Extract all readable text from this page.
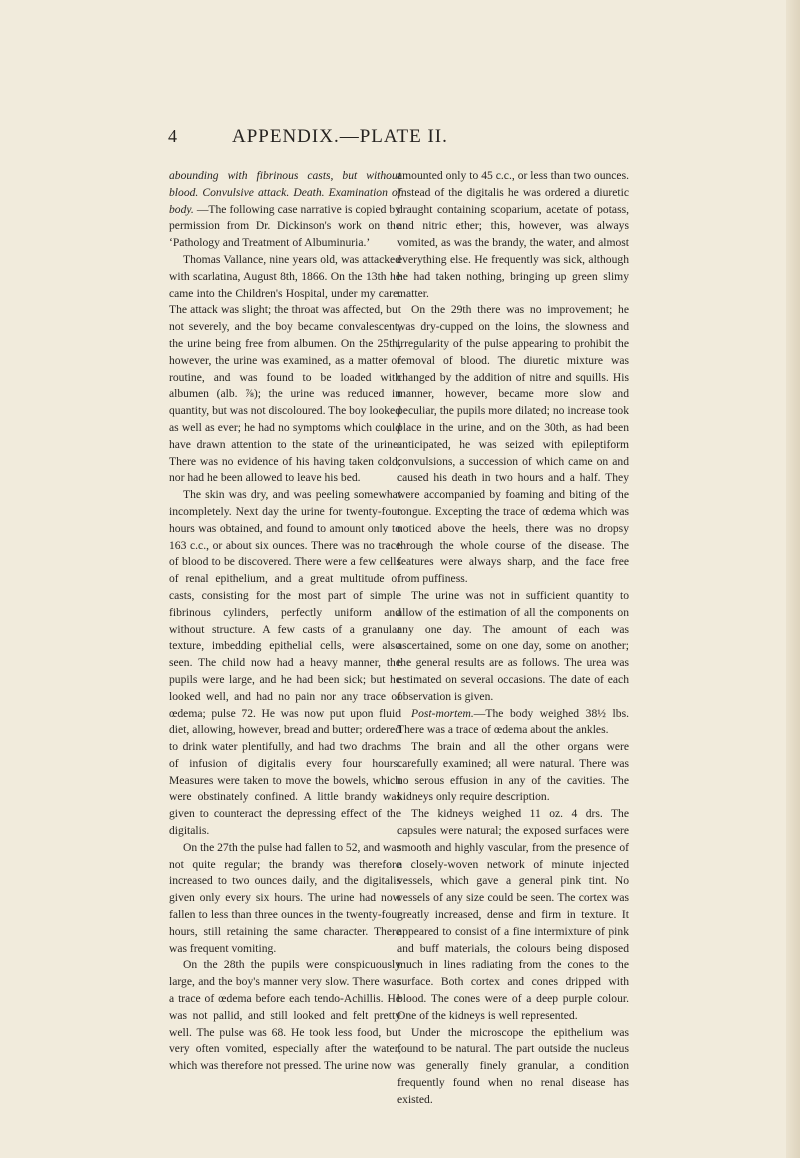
4	APPENDIX.—PLATE II.

abounding with fibrinous casts, but without blood. Convulsive attack. Death. Examination of body. —The following case narrative is copied by permission from Dr. Dickinson's work on the ‘Pathology and Treatment of Albuminuria.’

Thomas Vallance, nine years old, was attacked with scarlatina, August 8th, 1866. On the 13th he came into the Children's Hospital, under my care. The attack was slight; the throat was affected, but not severely, and the boy became convalescent, the urine being free from albumen. On the 25th, however, the urine was examined, as a matter of routine, and was found to be loaded with albumen (alb. ⅞); the urine was reduced in quantity, but was not discoloured. The boy looked as well as ever; he had no symptoms which could have drawn attention to the state of the urine. There was no evidence of his having taken cold; nor had he been allowed to leave his bed.

The skin was dry, and was peeling somewhat incompletely. Next day the urine for twenty-four hours was obtained, and found to amount only to 163 c.c., or about six ounces. There was no trace of blood to be discovered. There were a few cells of renal epithelium, and a great multitude of casts, consisting for the most part of simple fibrinous cylinders, perfectly uniform and without structure. A few casts of a granular texture, imbedding epithelial cells, were also seen. The child now had a heavy manner, the pupils were large, and he had been sick; but he looked well, and had no pain nor any trace of œdema; pulse 72. He was now put upon fluid diet, allowing, however, bread and butter; ordered to drink water plentifully, and had two drachms of infusion of digitalis every four hours. Measures were taken to move the bowels, which were obstinately confined. A little brandy was given to counteract the depressing effect of the digitalis.

On the 27th the pulse had fallen to 52, and was not quite regular; the brandy was therefore increased to two ounces daily, and the digitalis given only every six hours. The urine had now fallen to less than three ounces in the twenty-four hours, still retaining the same character. There was frequent vomiting.

On the 28th the pupils were conspicuously large, and the boy's manner very slow. There was a trace of œdema before each tendo-Achillis. He was not pallid, and still looked and felt pretty well. The pulse was 68. He took less food, but very often vomited, especially after the water, which was therefore not pressed. The urine now

amounted only to 45 c.c., or less than two ounces. Instead of the digitalis he was ordered a diuretic draught containing scoparium, acetate of potass, and nitric ether; this, however, was always vomited, as was the brandy, the water, and almost everything else. He frequently was sick, although he had taken nothing, bringing up green slimy matter.

On the 29th there was no improvement; he was dry-cupped on the loins, the slowness and irregularity of the pulse appearing to prohibit the removal of blood. The diuretic mixture was changed by the addition of nitre and squills. His manner, however, became more slow and peculiar, the pupils more dilated; no increase took place in the urine, and on the 30th, as had been anticipated, he was seized with epileptiform convulsions, a succession of which came on and caused his death in two hours and a half. They were accompanied by foaming and biting of the tongue. Excepting the trace of œdema which was noticed above the heels, there was no dropsy through the whole course of the disease. The features were always sharp, and the face free from puffiness.

The urine was not in sufficient quantity to allow of the estimation of all the components on any one day. The amount of each was ascertained, some on one day, some on another; the general results are as follows. The urea was estimated on several occasions. The date of each observation is given.

Post-mortem.—The body weighed 38½ lbs. There was a trace of œdema about the ankles.

The brain and all the other organs were carefully examined; all were natural. There was no serous effusion in any of the cavities. The kidneys only require description.

The kidneys weighed 11 oz. 4 drs. The capsules were natural; the exposed surfaces were smooth and highly vascular, from the presence of a closely-woven network of minute injected vessels, which gave a general pink tint. No vessels of any size could be seen. The cortex was greatly increased, dense and firm in texture. It appeared to consist of a fine intermixture of pink and buff materials, the colours being disposed much in lines radiating from the cones to the surface. Both cortex and cones dripped with blood. The cones were of a deep purple colour. One of the kidneys is well represented.

Under the microscope the epithelium was found to be natural. The part outside the nucleus was generally finely granular, a condition frequently found when no renal disease has existed.
